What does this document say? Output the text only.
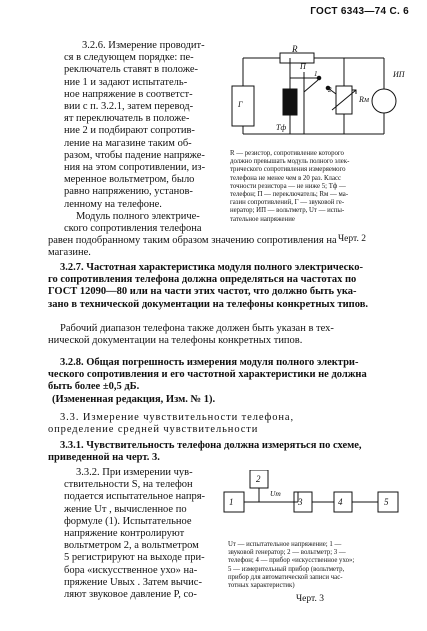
ГОСТ 6343—74 С. 6
3.2.6. Измерение проводит-
ся в следующем порядке: пе-
реключатель ставят в положе-
ние 1 и задают испытатель-
ное напряжение в соответст-
вии с п. 3.2.1, затем перевод-
ят переключатель в положе-
ние 2 и подбирают сопротив-
ление на магазине таким об-
разом, чтобы падение напряже-
ния на этом сопротивлении, из-
меренное вольтметром, было
равно напряжению, установ-
ленному на телефоне.
Модуль полного электриче-
ского сопротивления телефона
R
ИП
П
Г
Rм
Тф
1
2
R — резистор, сопротивление которого
должно превышать модуль полного элек-
трического сопротивления измеряемого
телефона не менее чем в 20 раз. Класс
точности резистора — не ниже 5; Tф —
телефон; П — переключатель; Rм — ма-
газин сопротивлений, Г — звуковой ге-
нератор; ИП — вольтметр, Uт — испы-
тательное напряжение
Черт. 2
равен подобранному таким образом значению сопротивления на
магазине.
3.2.7. Частотная характеристика модуля полного электрическо-
го сопротивления телефона должна определяться на частотах по
ГОСТ 12090—80 или на части этих частот, что должно быть ука-
зано в технической документации на телефоны конкретных типов.
Рабочий диапазон телефона также должен быть указан в тех-
нической документации на телефоны конкретных типов.
3.2.8. Общая погрешность измерения модуля полного электри-
ческого сопротивления и его частотной характеристики не должна
быть более ±0,5 дБ.
(Измененная редакция, Изм. № 1).
3.3. Измерение чувствительности телефона,
определение средней чувствительности
3.3.1. Чувствительность телефона должна измеряться по схеме,
приведенной на черт. 3.
3.3.2. При измерении чув-
ствительности S, на телефон
подается испытательное напря-
жение Uт , вычисленное по
формуле (1). Испытательное
напряжение контролируют
вольтметром 2, а вольтметром
5 регистрируют на выходе при-
бора «искусственное ухо» на-
пряжение Uвых . Затем вычис-
ляют звуковое давление P, со-
2
1	3	4	5
Uт
Uт — испытательное напряжение; 1 —
звуковой генератор; 2 — вольтметр; 3 —
телефон; 4 — прибор «искусственное ухо»;
5 — измерительный прибор (вольтметр,
прибор для автоматической записи час-
тотных характеристик)
Черт. 3
